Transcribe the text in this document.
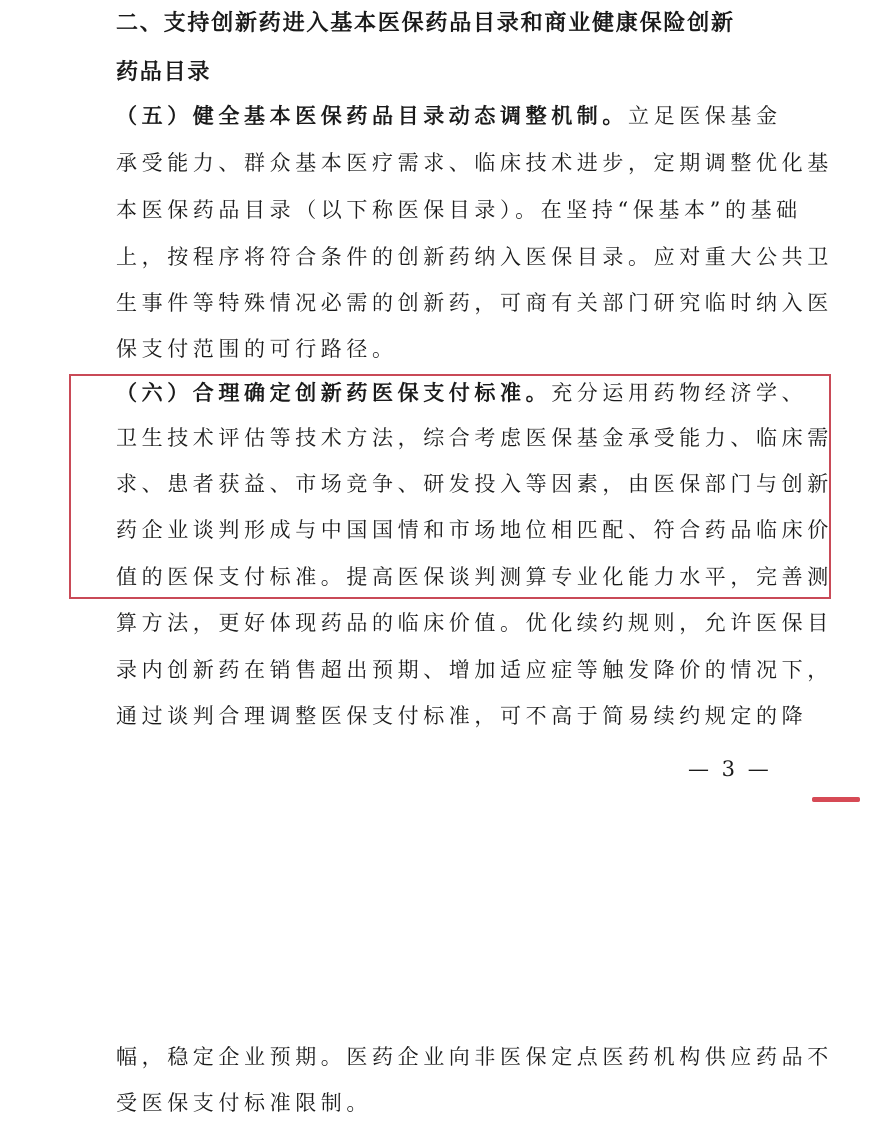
二、支持创新药进入基本医保药品目录和商业健康保险创新
药品目录
（五）健全基本医保药品目录动态调整机制。立足医保基金
承受能力、群众基本医疗需求、临床技术进步，定期调整优化基
本医保药品目录（以下称医保目录）。在坚持“保基本”的基础
上，按程序将符合条件的创新药纳入医保目录。应对重大公共卫
生事件等特殊情况必需的创新药，可商有关部门研究临时纳入医
保支付范围的可行路径。
（六）合理确定创新药医保支付标准。充分运用药物经济学、
卫生技术评估等技术方法，综合考虑医保基金承受能力、临床需
求、患者获益、市场竞争、研发投入等因素，由医保部门与创新
药企业谈判形成与中国国情和市场地位相匹配、符合药品临床价
值的医保支付标准。提高医保谈判测算专业化能力水平，完善测
算方法，更好体现药品的临床价值。优化续约规则，允许医保目
录内创新药在销售超出预期、增加适应症等触发降价的情况下，
通过谈判合理调整医保支付标准，可不高于简易续约规定的降
— 3 —
幅，稳定企业预期。医药企业向非医保定点医药机构供应药品不
受医保支付标准限制。
